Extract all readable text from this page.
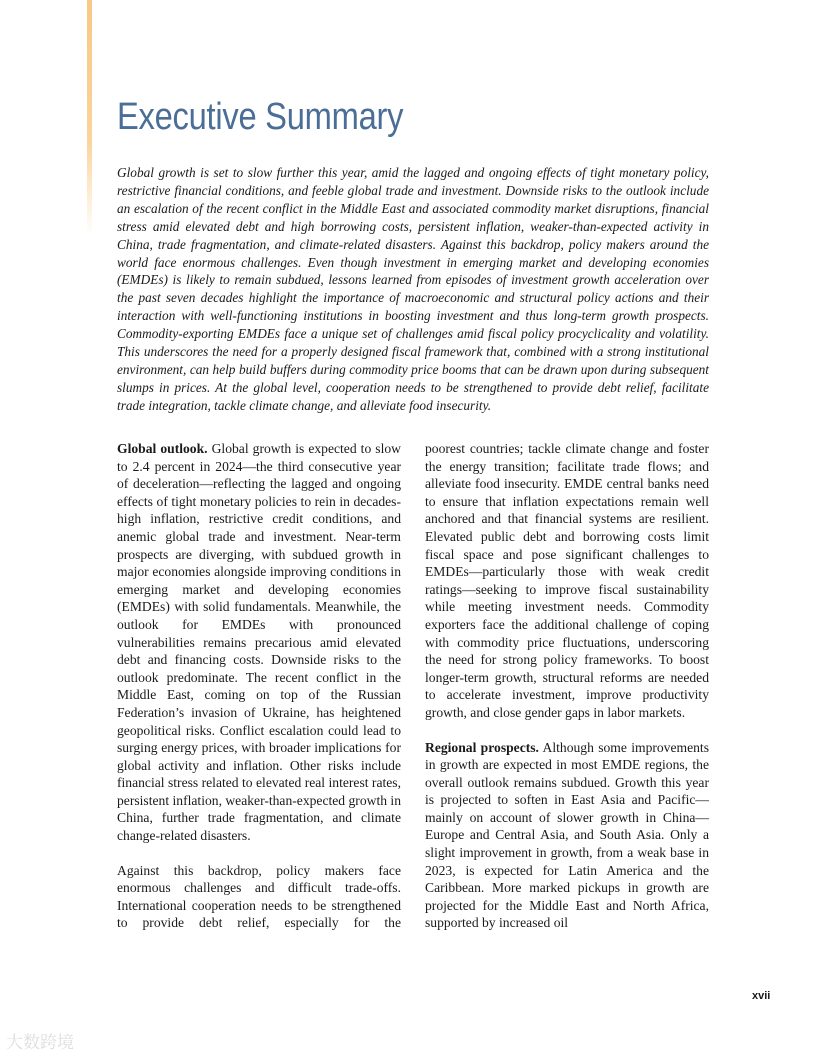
Executive Summary

Global growth is set to slow further this year, amid the lagged and ongoing effects of tight monetary policy, restrictive financial conditions, and feeble global trade and investment. Downside risks to the outlook include an escalation of the recent conflict in the Middle East and associated commodity market disruptions, financial stress amid elevated debt and high borrowing costs, persistent inflation, weaker-than-expected activity in China, trade fragmentation, and climate-related disasters. Against this backdrop, policy makers around the world face enormous challenges. Even though investment in emerging market and developing economies (EMDEs) is likely to remain subdued, lessons learned from episodes of investment growth acceleration over the past seven decades highlight the importance of macroeconomic and structural policy actions and their interaction with well-functioning institutions in boosting investment and thus long-term growth prospects. Commodity-exporting EMDEs face a unique set of challenges amid fiscal policy procyclicality and volatility. This underscores the need for a properly designed fiscal framework that, combined with a strong institutional environment, can help build buffers during commodity price booms that can be drawn upon during subsequent slumps in prices. At the global level, cooperation needs to be strengthened to provide debt relief, facilitate trade integration, tackle climate change, and alleviate food insecurity.

Global outlook. Global growth is expected to slow to 2.4 percent in 2024—the third consecutive year of deceleration—reflecting the lagged and ongoing effects of tight monetary policies to rein in decades-high inflation, restrictive credit conditions, and anemic global trade and investment. Near-term prospects are diverging, with subdued growth in major economies alongside improving conditions in emerging market and developing economies (EMDEs) with solid fundamentals. Meanwhile, the outlook for EMDEs with pronounced vulnerabilities remains precarious amid elevated debt and financing costs. Downside risks to the outlook predominate. The recent conflict in the Middle East, coming on top of the Russian Federation’s invasion of Ukraine, has heightened geopolitical risks. Conflict escalation could lead to surging energy prices, with broader implications for global activity and inflation. Other risks include financial stress related to elevated real interest rates, persistent inflation, weaker-than-expected growth in China, further trade fragmentation, and climate change-related disasters.

Against this backdrop, policy makers face enormous challenges and difficult trade-offs. International cooperation needs to be strengthened to provide debt relief, especially for the

poorest countries; tackle climate change and foster the energy transition; facilitate trade flows; and alleviate food insecurity. EMDE central banks need to ensure that inflation expectations remain well anchored and that financial systems are resilient. Elevated public debt and borrowing costs limit fiscal space and pose significant challenges to EMDEs—particularly those with weak credit ratings—seeking to improve fiscal sustainability while meeting investment needs. Commodity exporters face the additional challenge of coping with commodity price fluctuations, underscoring the need for strong policy frameworks. To boost longer-term growth, structural reforms are needed to accelerate investment, improve productivity growth, and close gender gaps in labor markets.

Regional prospects. Although some improvements in growth are expected in most EMDE regions, the overall outlook remains subdued. Growth this year is projected to soften in East Asia and Pacific—mainly on account of slower growth in China—Europe and Central Asia, and South Asia. Only a slight improvement in growth, from a weak base in 2023, is expected for Latin America and the Caribbean. More marked pickups in growth are projected for the Middle East and North Africa, supported by increased oil

xvii
大数跨境
